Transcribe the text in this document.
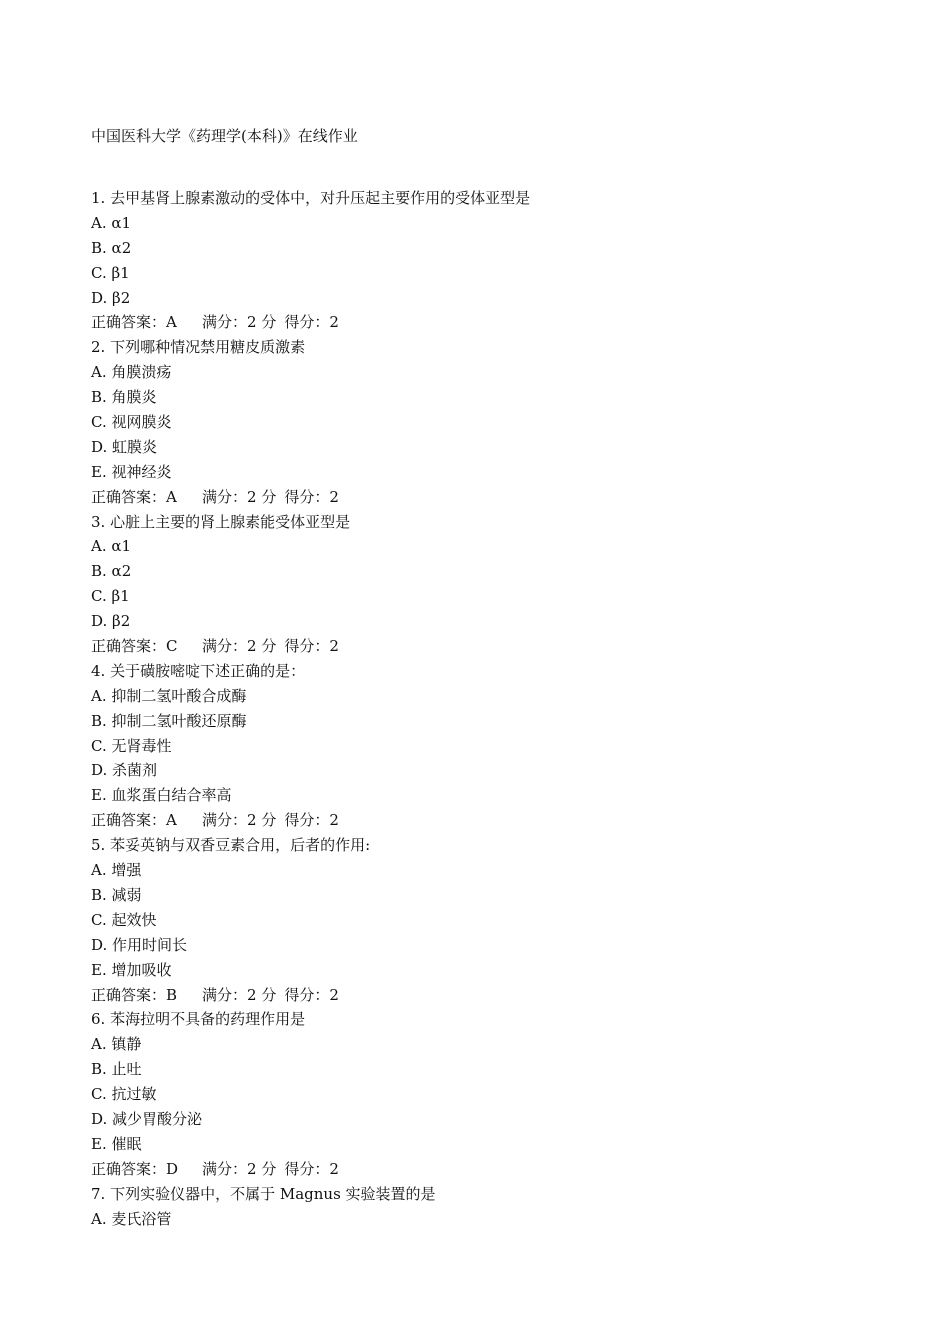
中国医科大学《药理学(本科)》在线作业
1. 去甲基肾上腺素激动的受体中，对升压起主要作用的受体亚型是
A. α1
B. α2
C. β1
D. β2
正确答案：A 满分：2 分 得分：2
2. 下列哪种情况禁用糖皮质激素
A. 角膜溃疡
B. 角膜炎
C. 视网膜炎
D. 虹膜炎
E. 视神经炎
正确答案：A 满分：2 分 得分：2
3. 心脏上主要的肾上腺素能受体亚型是
A. α1
B. α2
C. β1
D. β2
正确答案：C 满分：2 分 得分：2
4. 关于磺胺嘧啶下述正确的是：
A. 抑制二氢叶酸合成酶
B. 抑制二氢叶酸还原酶
C. 无肾毒性
D. 杀菌剂
E. 血浆蛋白结合率高
正确答案：A 满分：2 分 得分：2
5. 苯妥英钠与双香豆素合用，后者的作用:
A. 增强
B. 减弱
C. 起效快
D. 作用时间长
E. 增加吸收
正确答案：B 满分：2 分 得分：2
6. 苯海拉明不具备的药理作用是
A. 镇静
B. 止吐
C. 抗过敏
D. 减少胃酸分泌
E. 催眠
正确答案：D 满分：2 分 得分：2
7. 下列实验仪器中，不属于 Magnus 实验装置的是
A. 麦氏浴管
